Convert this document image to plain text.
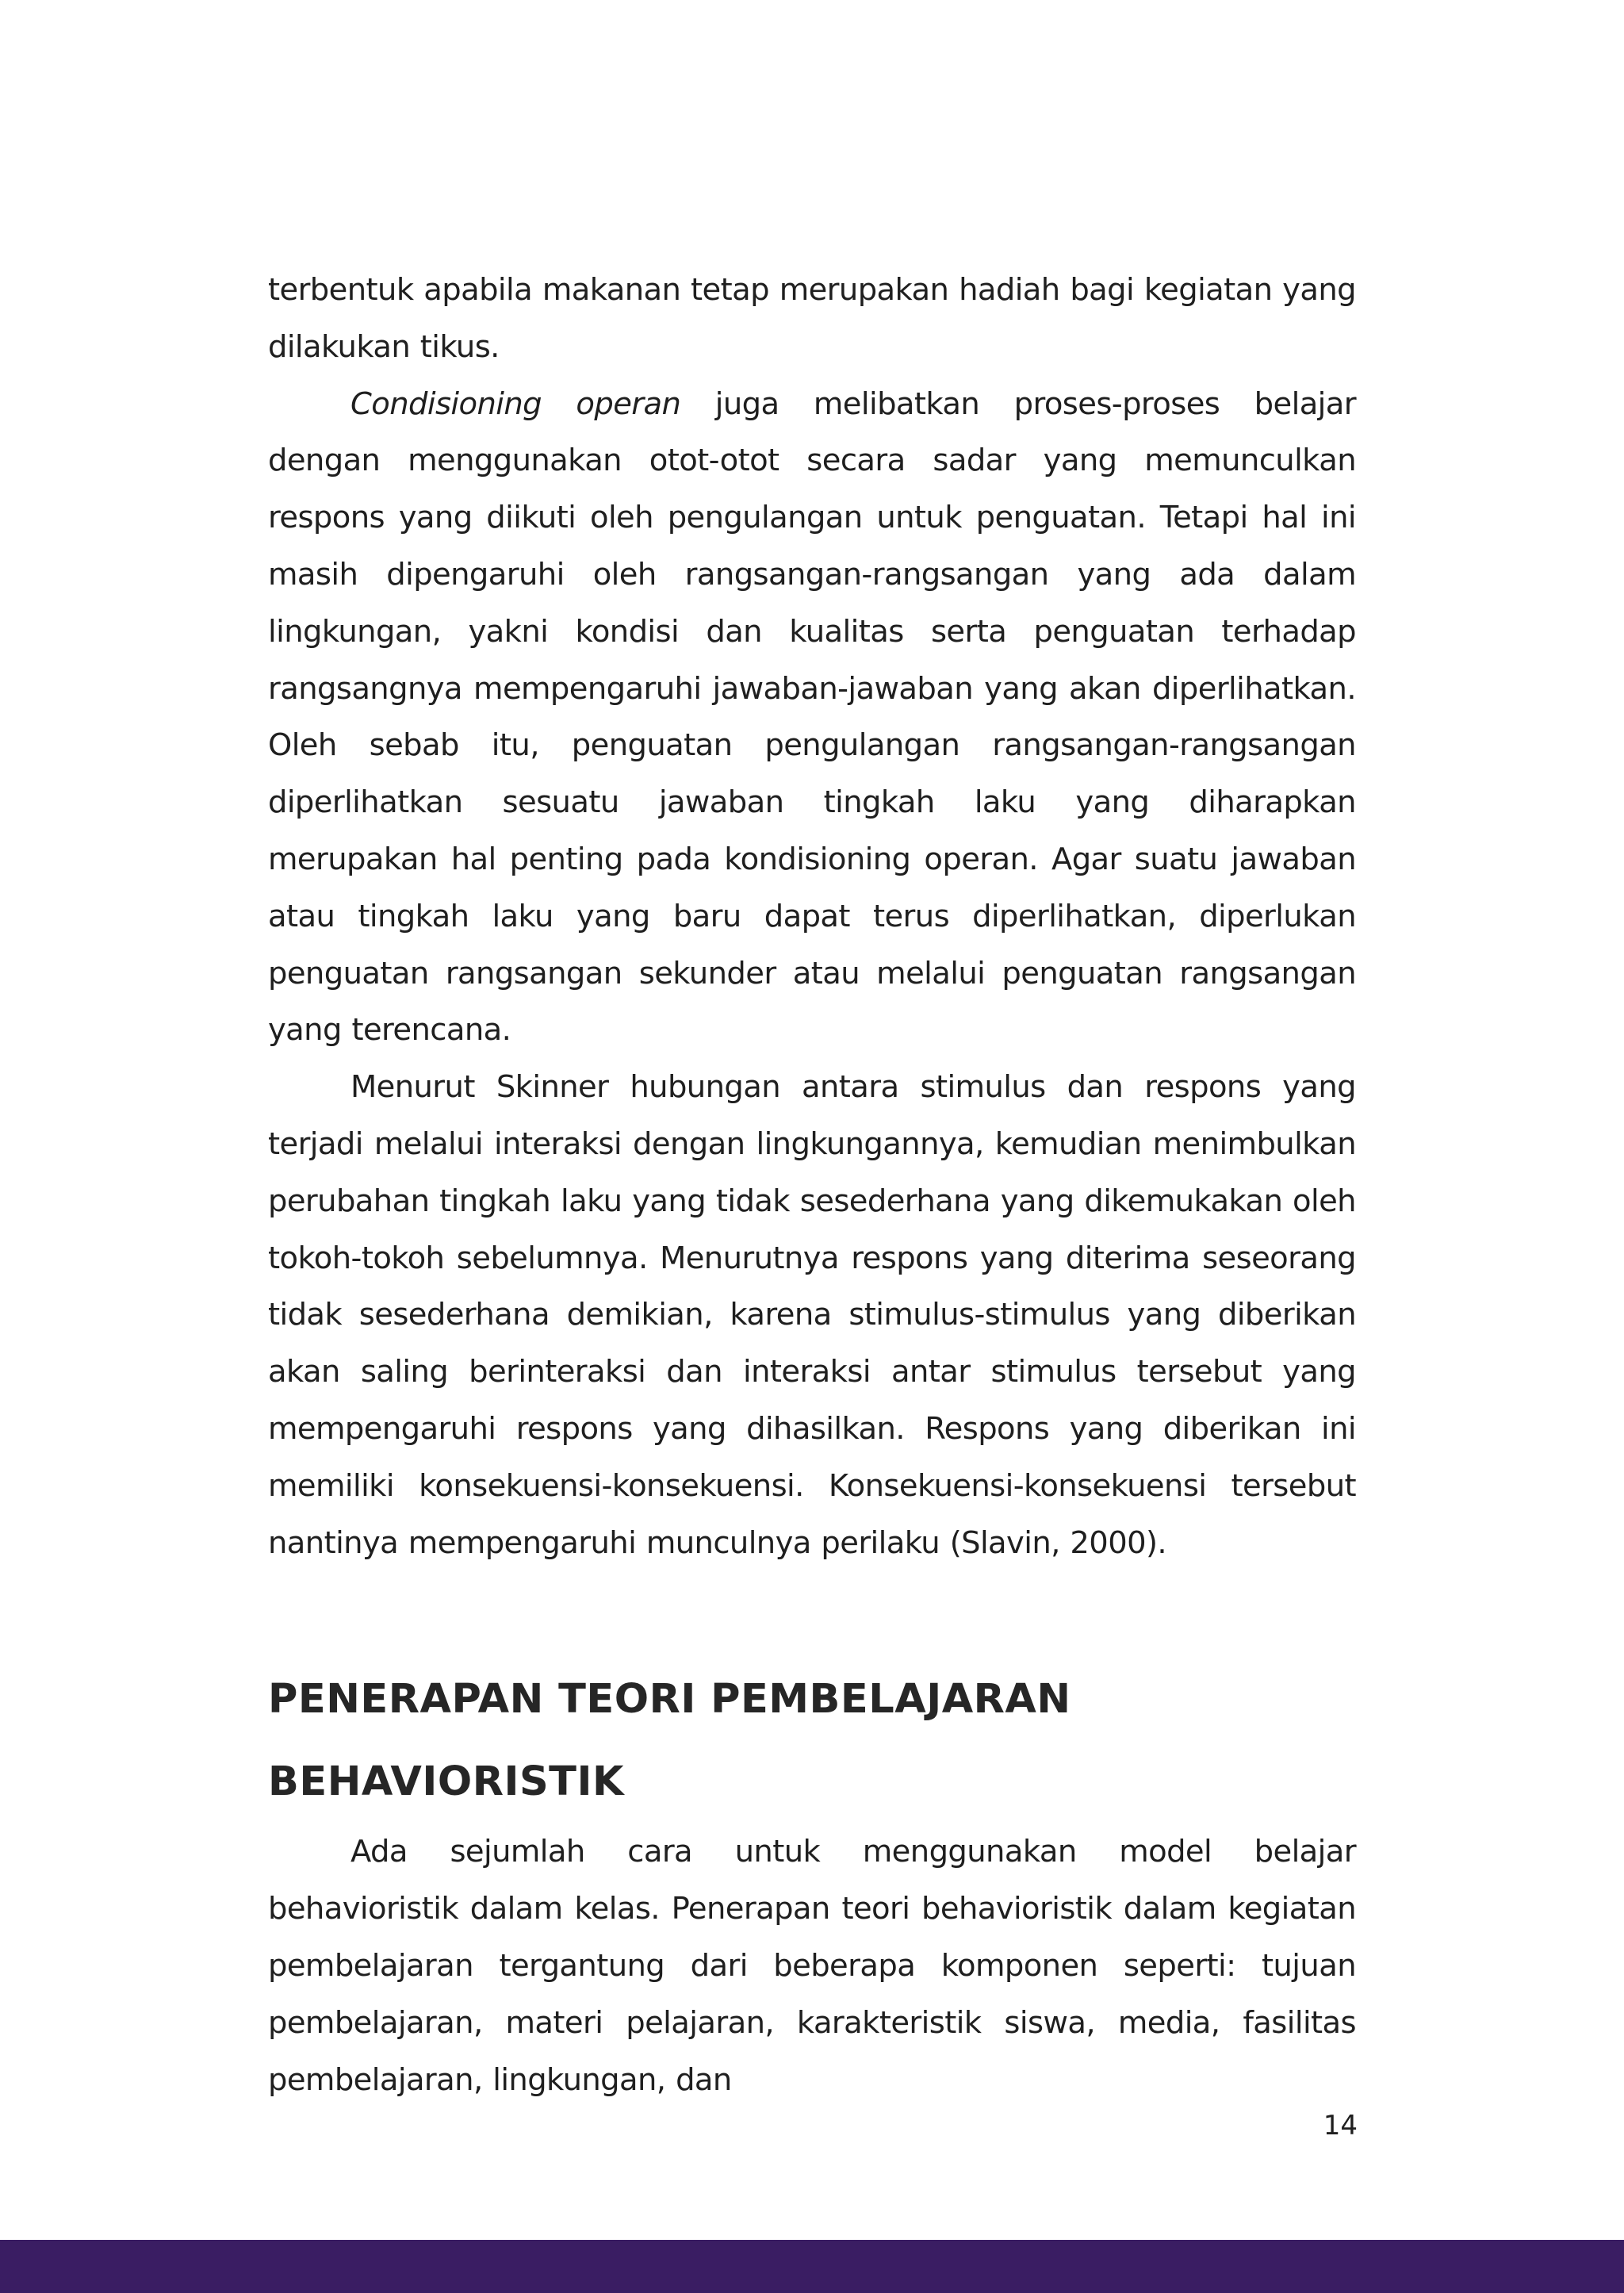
terbentuk apabila makanan tetap merupakan hadiah bagi kegiatan yang dilakukan tikus.

Condisioning operan juga melibatkan proses-proses belajar dengan menggunakan otot-otot secara sadar yang memunculkan respons yang diikuti oleh pengulangan untuk penguatan. Tetapi hal ini masih dipengaruhi oleh rangsangan-rangsangan yang ada dalam lingkungan, yakni kondisi dan kualitas serta penguatan terhadap rangsangnya mempengaruhi jawaban-jawaban yang akan diperlihatkan. Oleh sebab itu, penguatan pengulangan rangsangan-rangsangan diperlihatkan sesuatu jawaban tingkah laku yang diharapkan merupakan hal penting pada kondisioning operan. Agar suatu jawaban atau tingkah laku yang baru dapat terus diperlihatkan, diperlukan penguatan rangsangan sekunder atau melalui penguatan rangsangan yang terencana.

Menurut Skinner hubungan antara stimulus dan respons yang terjadi melalui interaksi dengan lingkungannya, kemudian menimbulkan perubahan tingkah laku yang tidak sesederhana yang dikemukakan oleh tokoh-tokoh sebelumnya. Menurutnya respons yang diterima seseorang tidak sesederhana demikian, karena stimulus-stimulus yang diberikan akan saling berinteraksi dan interaksi antar stimulus tersebut yang mempengaruhi respons yang dihasilkan. Respons yang diberikan ini memiliki konsekuensi-konsekuensi. Konsekuensi-konsekuensi tersebut nantinya mempengaruhi munculnya perilaku (Slavin, 2000).

PENERAPAN TEORI PEMBELAJARAN
BEHAVIORISTIK

Ada sejumlah cara untuk menggunakan model belajar behavioristik dalam kelas. Penerapan teori behavioristik dalam kegiatan pembelajaran tergantung dari beberapa komponen seperti: tujuan pembelajaran, materi pelajaran, karakteristik siswa, media, fasilitas pembelajaran, lingkungan, dan

14
